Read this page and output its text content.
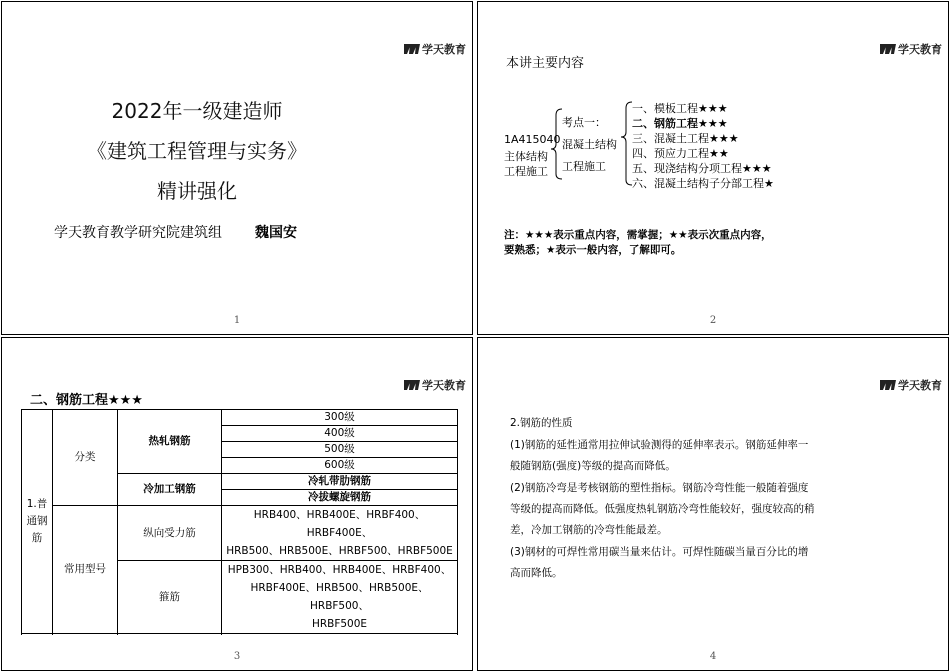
学天教育
2022年一级建造师
《建筑工程管理与实务》
精讲强化
学天教育教学研究院建筑组 魏国安
1
学天教育
本讲主要内容
1A415040
主体结构
工程施工
考点一：
混凝土结构
工程施工
一、模板工程★★★
二、钢筋工程★★★
三、混凝土工程★★★
四、预应力工程★★
五、现浇结构分项工程★★★
六、混凝土结构子分部工程★
注：★★★表示重点内容，需掌握；★★表示次重点内容，
要熟悉；★表示一般内容，了解即可。
2
学天教育
二、钢筋工程★★★
1.普通钢筋	分类	热轧钢筋	300级
			400级
			500级
			600级
		冷加工钢筋	冷轧带肋钢筋
			冷拔螺旋钢筋
	常用型号	纵向受力筋	HRB400、HRB400E、HRBF400、HRBF400E、
HRB500、HRB500E、HRBF500、HRBF500E

		箍筋	HPB300、HRB400、HRB400E、HRBF400、
HRBF400E、HRB500、HRB500E、HRBF500、
HRBF500E

3
学天教育
2.钢筋的性质
(1)钢筋的延性通常用拉伸试验测得的延伸率表示。钢筋延伸率一般随钢筋(强度)等级的提高而降低。
(2)钢筋冷弯是考核钢筋的塑性指标。钢筋冷弯性能一般随着强度等级的提高而降低。低强度热轧钢筋冷弯性能较好，强度较高的稍差，冷加工钢筋的冷弯性能最差。
(3)钢材的可焊性常用碳当量来估计。可焊性随碳当量百分比的增高而降低。
4
